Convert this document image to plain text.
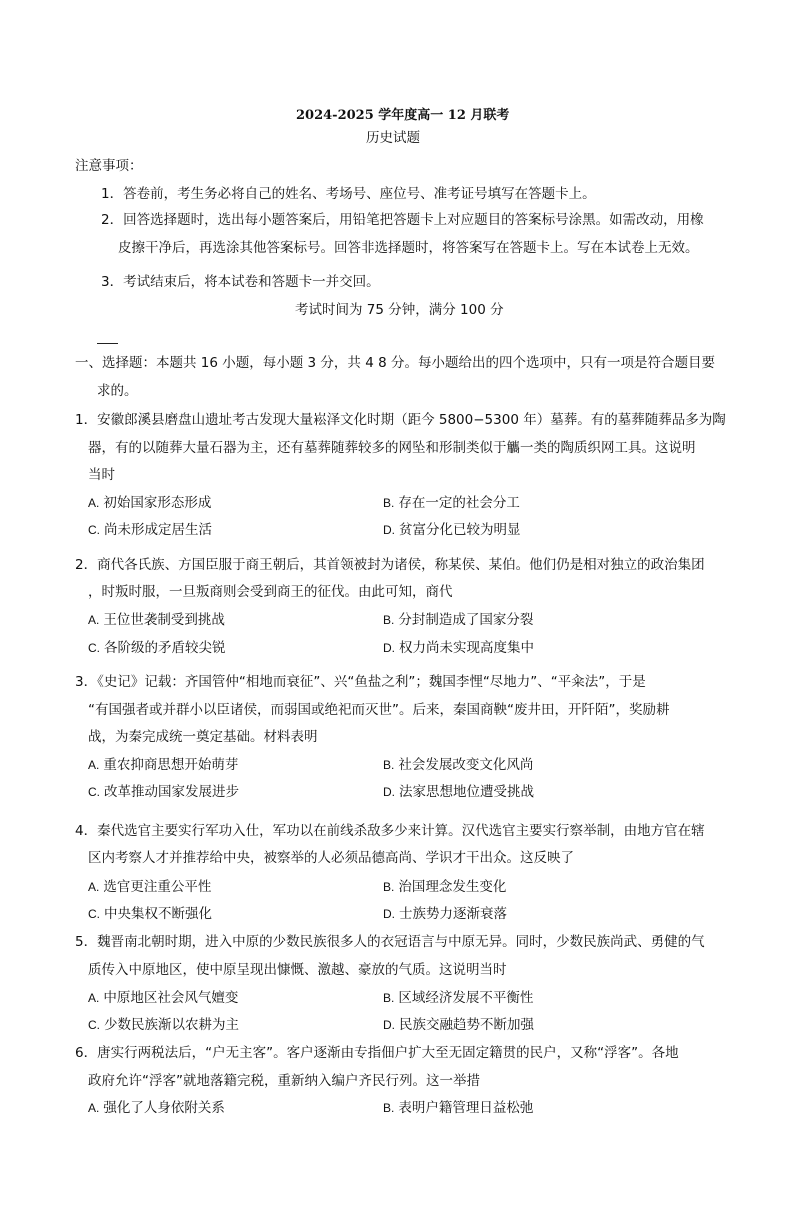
2024-2025 学年度高一 12 月联考
历史试题
注意事项：
1．答卷前，考生务必将自己的姓名、考场号、座位号、准考证号填写在答题卡上。
2．回答选择题时，选出每小题答案后，用铅笔把答题卡上对应题目的答案标号涂黑。如需改动，用橡
皮擦干净后，再选涂其他答案标号。回答非选择题时，将答案写在答题卡上。写在本试卷上无效。
3．考试结束后，将本试卷和答题卡一并交回。
考试时间为 75 分钟，满分 100 分
一、选择题：本题共 16 小题，每小题 3 分，共 4 8 分。每小题给出的四个选项中，只有一项是符合题目要
求的。
1．安徽郎溪县磨盘山遗址考古发现大量崧泽文化时期（距今 5800−5300 年）墓葬。有的墓葬随葬品多为陶
器，有的以随葬大量石器为主，还有墓葬随葬较多的网坠和形制类似于觿一类的陶质织网工具。这说明
当时
A. 初始国家形态形成	B. 存在一定的社会分工
C. 尚未形成定居生活	D. 贫富分化已较为明显
2．商代各氏族、方国臣服于商王朝后，其首领被封为诸侯，称某侯、某伯。他们仍是相对独立的政治集团
，时叛时服，一旦叛商则会受到商王的征伐。由此可知，商代
A. 王位世袭制受到挑战	B. 分封制造成了国家分裂
C. 各阶级的矛盾较尖锐	D. 权力尚未实现高度集中
3．《史记》记载：齐国管仲“相地而衰征”、兴“鱼盐之利”；魏国李悝“尽地力”、“平籴法”，于是
“有国强者或并群小以臣诸侯，而弱国或绝祀而灭世”。后来，秦国商鞅“废井田，开阡陌”，奖励耕
战，为秦完成统一奠定基础。材料表明
A. 重农抑商思想开始萌芽	B. 社会发展改变文化风尚
C. 改革推动国家发展进步	D. 法家思想地位遭受挑战
4．秦代选官主要实行军功入仕，军功以在前线杀敌多少来计算。汉代选官主要实行察举制，由地方官在辖
区内考察人才并推荐给中央，被察举的人必须品德高尚、学识才干出众。这反映了
A. 选官更注重公平性	B. 治国理念发生变化
C. 中央集权不断强化	D. 士族势力逐渐衰落
5．魏晋南北朝时期，进入中原的少数民族很多人的衣冠语言与中原无异。同时，少数民族尚武、勇健的气
质传入中原地区，使中原呈现出慷慨、激越、豪放的气质。这说明当时
A. 中原地区社会风气嬗变	B. 区域经济发展不平衡性
C. 少数民族渐以农耕为主	D. 民族交融趋势不断加强
6．唐实行两税法后，“户无主客”。客户逐渐由专指佃户扩大至无固定籍贯的民户，又称“浮客”。各地
政府允许“浮客”就地落籍完税，重新纳入编户齐民行列。这一举措
A. 强化了人身依附关系	B. 表明户籍管理日益松弛
